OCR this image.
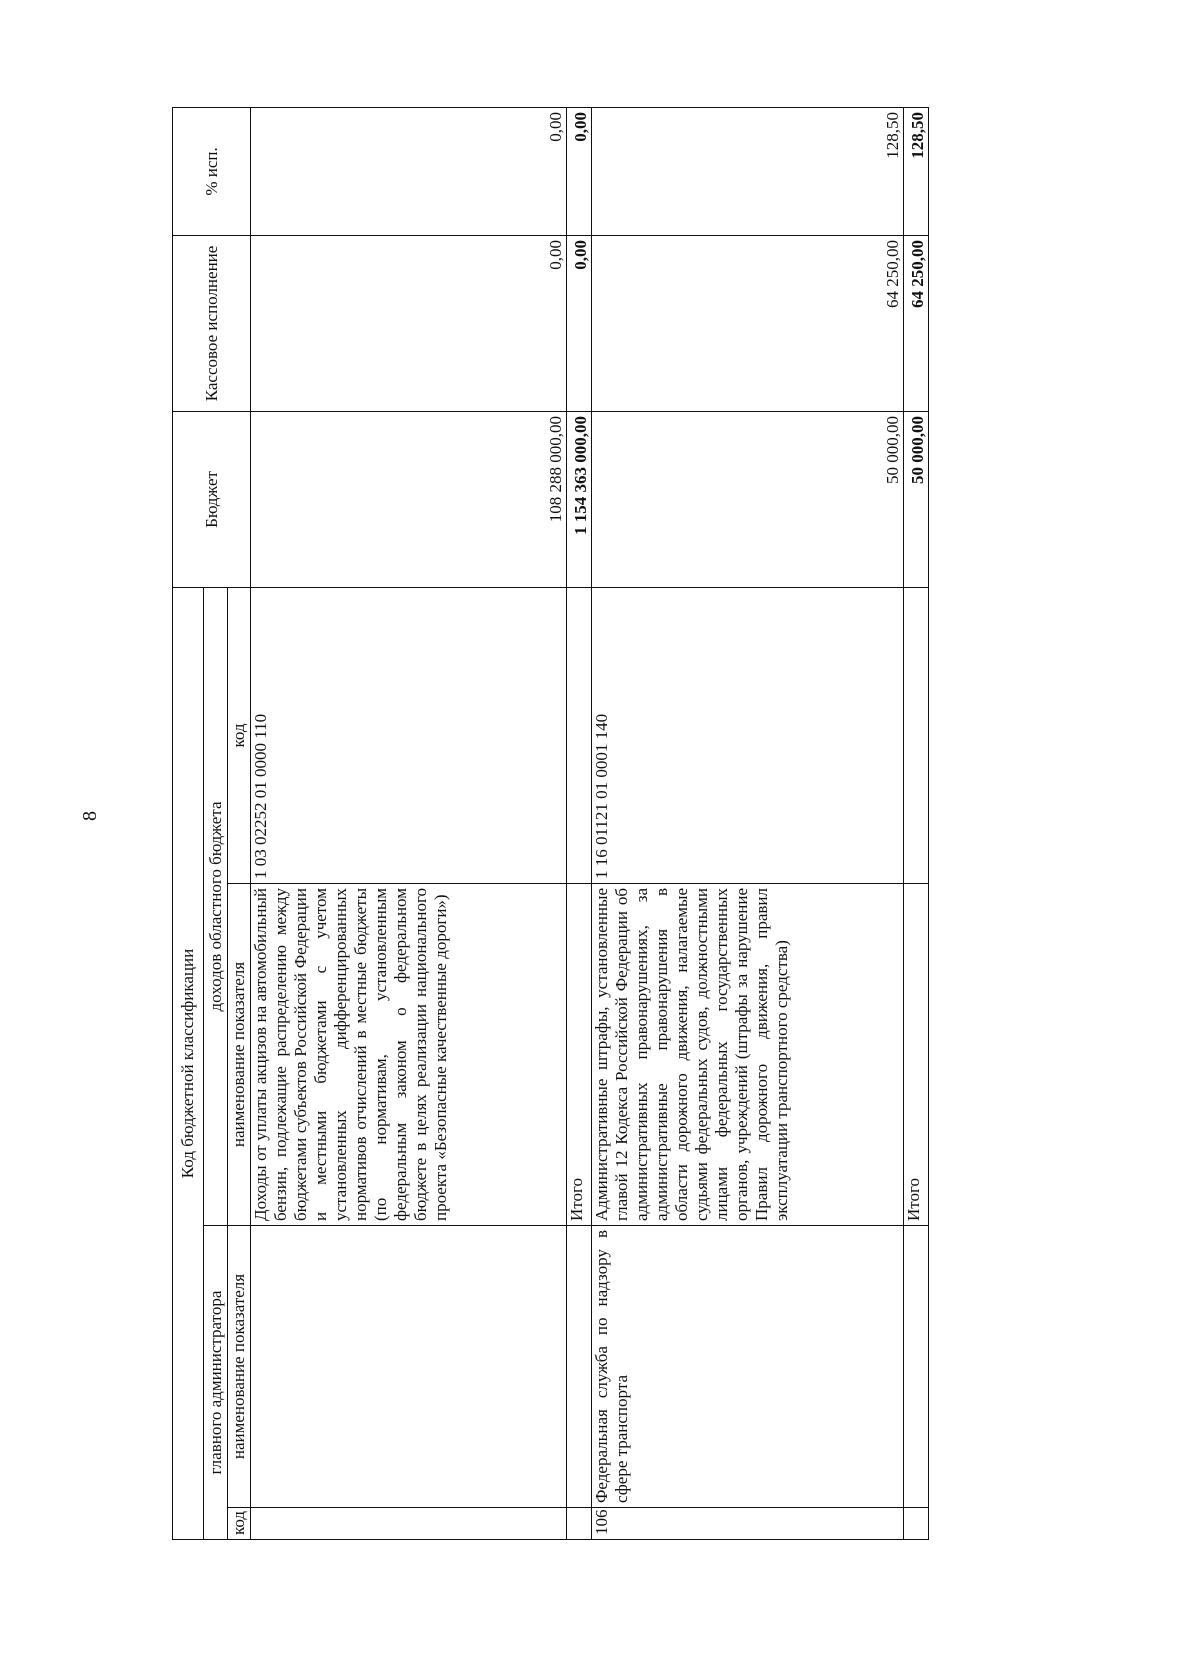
8
Код бюджетной классификации				Бюджет	Кассовое исполнение	% исп.
главного администратора		доходов областного бюджета				
код	наименование показателя	наименование показателя	код			
		Доходы от уплаты акцизов на автомобильный бензин, подлежащие распределению между бюджетами субъектов Российской Федерации и местными бюджетами с учетом установленных дифференцированных нормативов отчислений в местные бюджеты (по нормативам, установленным федеральным законом о федеральном бюджете в целях реализации национального проекта «Безопасные качественные дороги»)	1 03 02252 01 0000 110	108 288 000,00	0,00	0,00
		Итого		1 154 363 000,00	0,00	0,00
106	Федеральная служба по надзору в сфере транспорта	Административные штрафы, установленные главой 12 Кодекса Российской Федерации об административных правонарушениях, за административные правонарушения в области дорожного движения, налагаемые судьями федеральных судов, должностными лицами федеральных государственных органов, учреждений (штрафы за нарушение Правил дорожного движения, правил эксплуатации транспортного средства)	1 16 01121 01 0001 140	50 000,00	64 250,00	128,50
		Итого		50 000,00	64 250,00	128,50
